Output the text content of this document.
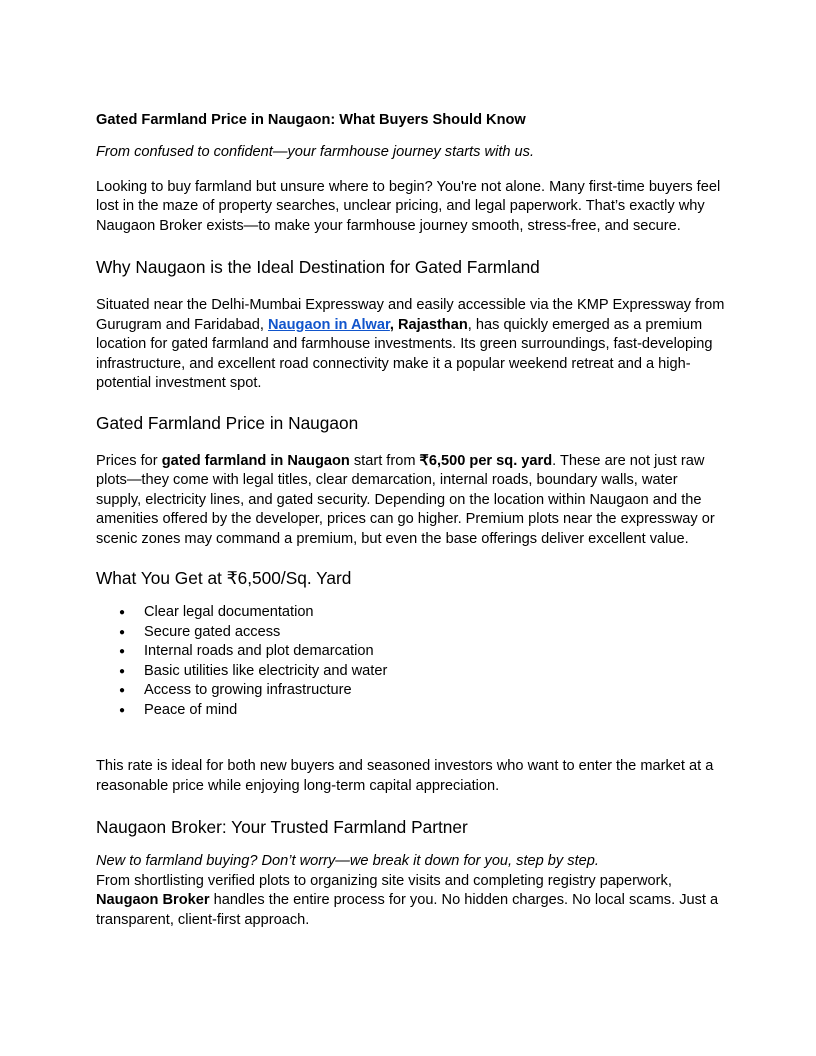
Gated Farmland Price in Naugaon: What Buyers Should Know

From confused to confident—your farmhouse journey starts with us.

Looking to buy farmland but unsure where to begin? You're not alone. Many first-time buyers feel lost in the maze of property searches, unclear pricing, and legal paperwork. That’s exactly why Naugaon Broker exists—to make your farmhouse journey smooth, stress-free, and secure.

Why Naugaon is the Ideal Destination for Gated Farmland

Situated near the Delhi-Mumbai Expressway and easily accessible via the KMP Expressway from Gurugram and Faridabad, Naugaon in Alwar, Rajasthan, has quickly emerged as a premium location for gated farmland and farmhouse investments. Its green surroundings, fast-developing infrastructure, and excellent road connectivity make it a popular weekend retreat and a high-potential investment spot.

Gated Farmland Price in Naugaon

Prices for gated farmland in Naugaon start from ₹6,500 per sq. yard. These are not just raw plots—they come with legal titles, clear demarcation, internal roads, boundary walls, water supply, electricity lines, and gated security. Depending on the location within Naugaon and the amenities offered by the developer, prices can go higher. Premium plots near the expressway or scenic zones may command a premium, but even the base offerings deliver excellent value.

What You Get at ₹6,500/Sq. Yard
● Clear legal documentation
● Secure gated access
● Internal roads and plot demarcation
● Basic utilities like electricity and water
● Access to growing infrastructure
● Peace of mind

This rate is ideal for both new buyers and seasoned investors who want to enter the market at a reasonable price while enjoying long-term capital appreciation.

Naugaon Broker: Your Trusted Farmland Partner

New to farmland buying? Don’t worry—we break it down for you, step by step.

From shortlisting verified plots to organizing site visits and completing registry paperwork, Naugaon Broker handles the entire process for you. No hidden charges. No local scams. Just a transparent, client-first approach.
